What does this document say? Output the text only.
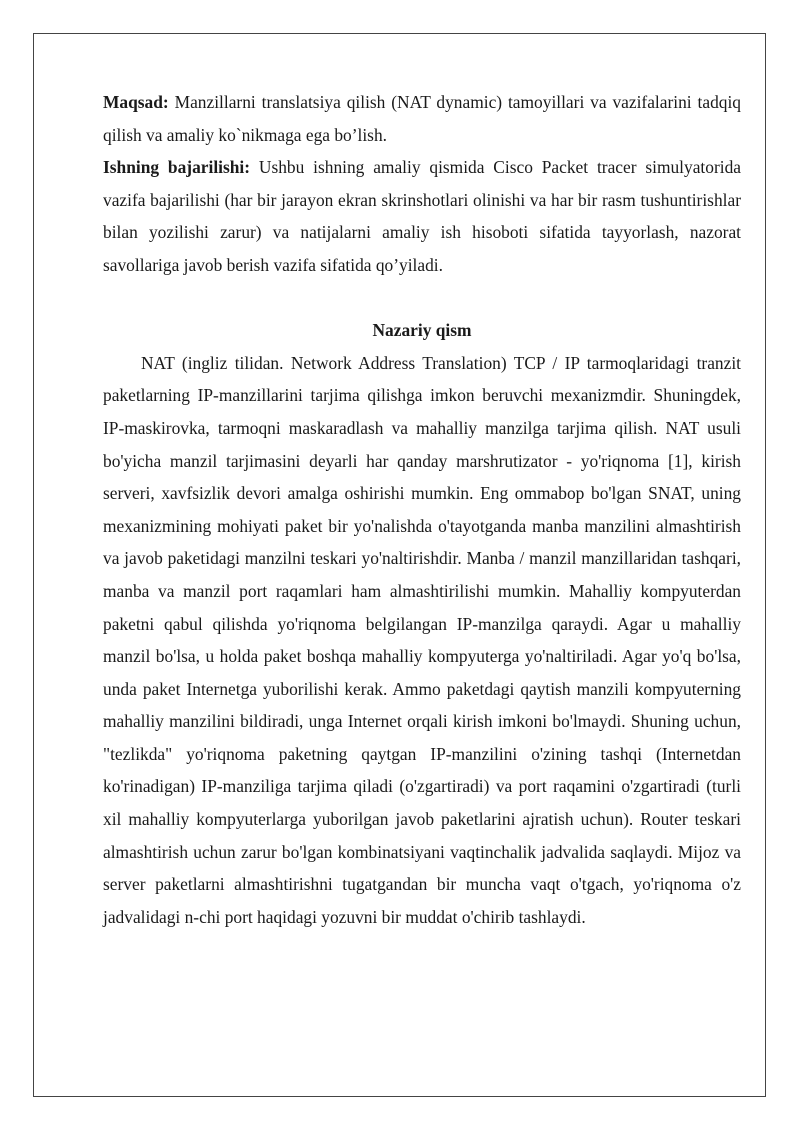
Maqsad: Manzillarni translatsiya qilish (NAT dynamic) tamoyillari va vazifalarini tadqiq qilish va amaliy ko`nikmaga ega bo’lish.

Ishning bajarilishi: Ushbu ishning amaliy qismida Cisco Packet tracer simulyatorida vazifa bajarilishi (har bir jarayon ekran skrinshotlari olinishi va har bir rasm tushuntirishlar bilan yozilishi zarur) va natijalarni amaliy ish hisoboti sifatida tayyorlash, nazorat savollariga javob berish vazifa sifatida qo’yiladi.

Nazariy qism

NAT (ingliz tilidan. Network Address Translation) TCP / IP tarmoqlaridagi tranzit paketlarning IP-manzillarini tarjima qilishga imkon beruvchi mexanizmdir. Shuningdek, IP-maskirovka, tarmoqni maskaradlash va mahalliy manzilga tarjima qilish. NAT usuli bo'yicha manzil tarjimasini deyarli har qanday marshrutizator - yo'riqnoma [1], kirish serveri, xavfsizlik devori amalga oshirishi mumkin. Eng ommabop bo'lgan SNAT, uning mexanizmining mohiyati paket bir yo'nalishda o'tayotganda manba manzilini almashtirish va javob paketidagi manzilni teskari yo'naltirishdir. Manba / manzil manzillaridan tashqari, manba va manzil port raqamlari ham almashtirilishi mumkin. Mahalliy kompyuterdan paketni qabul qilishda yo'riqnoma belgilangan IP-manzilga qaraydi. Agar u mahalliy manzil bo'lsa, u holda paket boshqa mahalliy kompyuterga yo'naltiriladi. Agar yo'q bo'lsa, unda paket Internetga yuborilishi kerak. Ammo paketdagi qaytish manzili kompyuterning mahalliy manzilini bildiradi, unga Internet orqali kirish imkoni bo'lmaydi. Shuning uchun, "tezlikda" yo'riqnoma paketning qaytgan IP-manzilini o'zining tashqi (Internetdan ko'rinadigan) IP-manziliga tarjima qiladi (o'zgartiradi) va port raqamini o'zgartiradi (turli xil mahalliy kompyuterlarga yuborilgan javob paketlarini ajratish uchun). Router teskari almashtirish uchun zarur bo'lgan kombinatsiyani vaqtinchalik jadvalida saqlaydi. Mijoz va server paketlarni almashtirishni tugatgandan bir muncha vaqt o'tgach, yo'riqnoma o'z jadvalidagi n-chi port haqidagi yozuvni bir muddat o'chirib tashlaydi.
